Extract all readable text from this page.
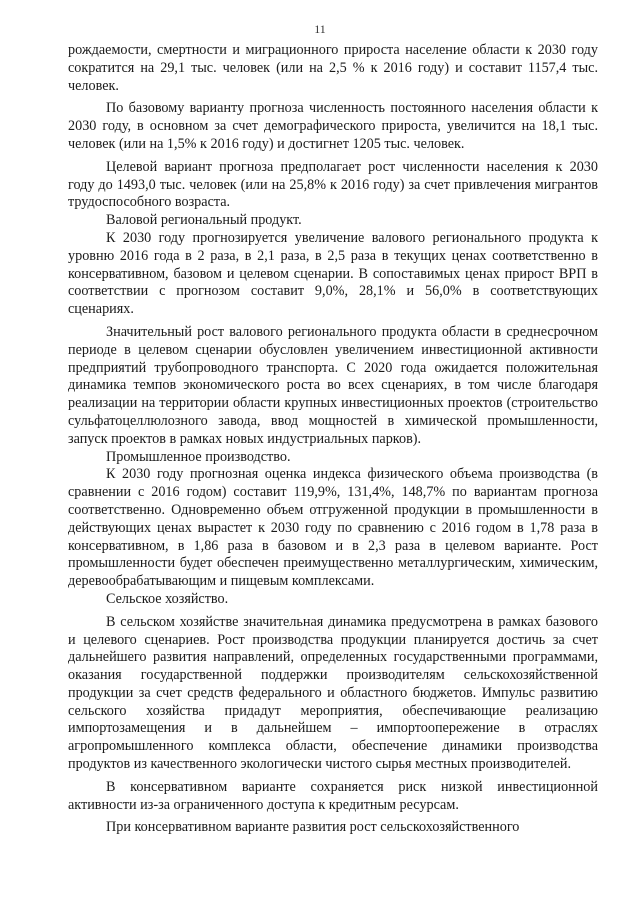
11

рождаемости, смертности и миграционного прироста население области к 2030 году сократится на 29,1 тыс. человек (или на 2,5 % к 2016 году) и составит 1157,4 тыс. человек.

По базовому варианту прогноза численность постоянного населения области к 2030 году, в основном за счет демографического прироста, увеличится на 18,1 тыс. человек (или на 1,5% к 2016 году) и достигнет 1205 тыс. человек.

Целевой вариант прогноза предполагает рост численности населения к 2030 году до 1493,0 тыс. человек (или на 25,8% к 2016 году) за счет привлечения мигрантов трудоспособного возраста.

Валовой региональный продукт.

К 2030 году прогнозируется увеличение валового регионального продукта к уровню 2016 года в 2 раза, в 2,1 раза, в 2,5 раза в текущих ценах соответственно в консервативном, базовом и целевом сценарии. В сопоставимых ценах прирост ВРП в соответствии с прогнозом составит 9,0%, 28,1% и 56,0% в соответствующих сценариях.

Значительный рост валового регионального продукта области в среднесрочном периоде в целевом сценарии обусловлен увеличением инвестиционной активности предприятий трубопроводного транспорта. С 2020 года ожидается положительная динамика темпов экономического роста во всех сценариях, в том числе благодаря реализации на территории области крупных инвестиционных проектов (строительство сульфатоцеллюлозного завода, ввод мощностей в химической промышленности, запуск проектов в рамках новых индустриальных парков).

Промышленное производство.

К 2030 году прогнозная оценка индекса физического объема производства (в сравнении с 2016 годом) составит 119,9%, 131,4%, 148,7% по вариантам прогноза соответственно. Одновременно объем отгруженной продукции в промышленности в действующих ценах вырастет к 2030 году по сравнению с 2016 годом в 1,78 раза в консервативном, в 1,86 раза в базовом и в 2,3 раза в целевом варианте. Рост промышленности будет обеспечен преимущественно металлургическим, химическим, деревообрабатывающим и пищевым комплексами.

Сельское хозяйство.

В сельском хозяйстве значительная динамика предусмотрена в рамках базового и целевого сценариев. Рост производства продукции планируется достичь за счет дальнейшего развития направлений, определенных государственными программами, оказания государственной поддержки производителям сельскохозяйственной продукции за счет средств федерального и областного бюджетов. Импульс развитию сельского хозяйства придадут мероприятия, обеспечивающие реализацию импортозамещения и в дальнейшем – импортоопережение в отраслях агропромышленного комплекса области, обеспечение динамики производства продуктов из качественного экологически чистого сырья местных производителей.

В консервативном варианте сохраняется риск низкой инвестиционной активности из-за ограниченного доступа к кредитным ресурсам.

При консервативном варианте развития рост сельскохозяйственного
